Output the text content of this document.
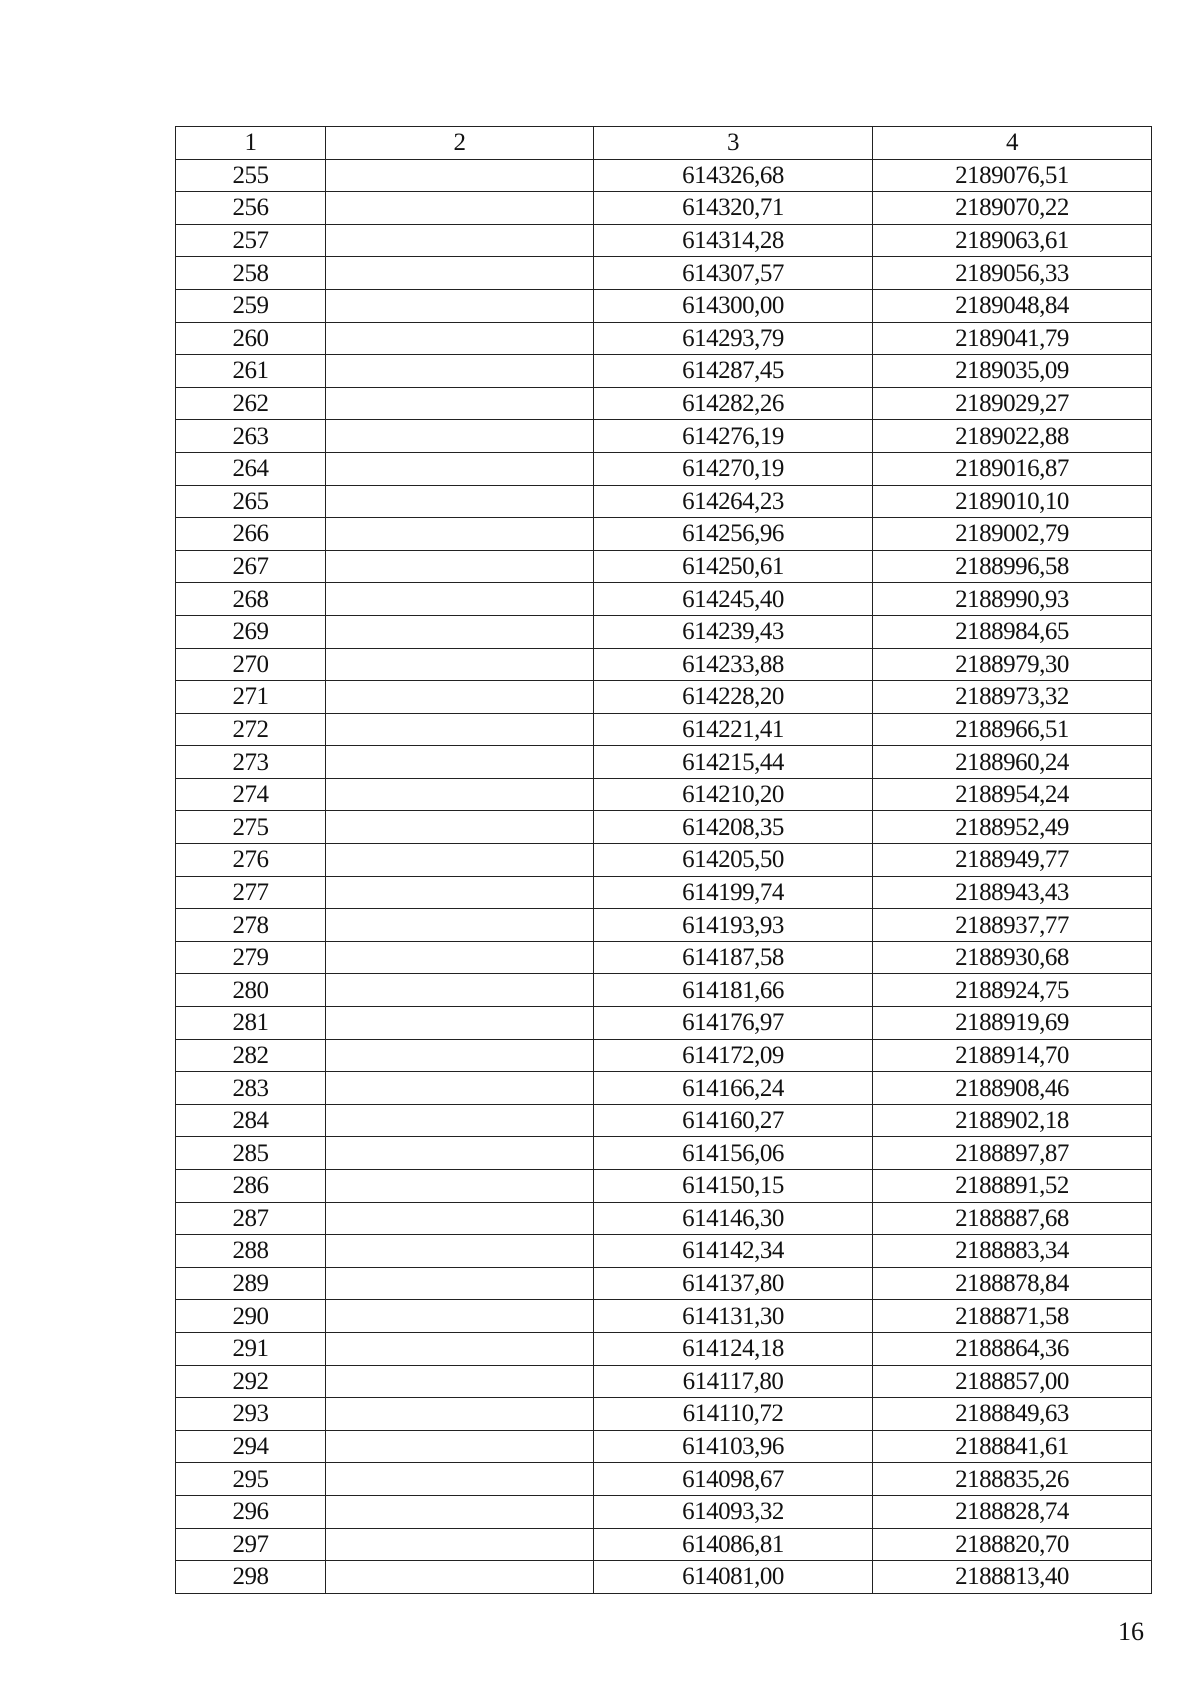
1	2	3	4
255		614326,68	2189076,51
256		614320,71	2189070,22
257		614314,28	2189063,61
258		614307,57	2189056,33
259		614300,00	2189048,84
260		614293,79	2189041,79
261		614287,45	2189035,09
262		614282,26	2189029,27
263		614276,19	2189022,88
264		614270,19	2189016,87
265		614264,23	2189010,10
266		614256,96	2189002,79
267		614250,61	2188996,58
268		614245,40	2188990,93
269		614239,43	2188984,65
270		614233,88	2188979,30
271		614228,20	2188973,32
272		614221,41	2188966,51
273		614215,44	2188960,24
274		614210,20	2188954,24
275		614208,35	2188952,49
276		614205,50	2188949,77
277		614199,74	2188943,43
278		614193,93	2188937,77
279		614187,58	2188930,68
280		614181,66	2188924,75
281		614176,97	2188919,69
282		614172,09	2188914,70
283		614166,24	2188908,46
284		614160,27	2188902,18
285		614156,06	2188897,87
286		614150,15	2188891,52
287		614146,30	2188887,68
288		614142,34	2188883,34
289		614137,80	2188878,84
290		614131,30	2188871,58
291		614124,18	2188864,36
292		614117,80	2188857,00
293		614110,72	2188849,63
294		614103,96	2188841,61
295		614098,67	2188835,26
296		614093,32	2188828,74
297		614086,81	2188820,70
298		614081,00	2188813,40
16
